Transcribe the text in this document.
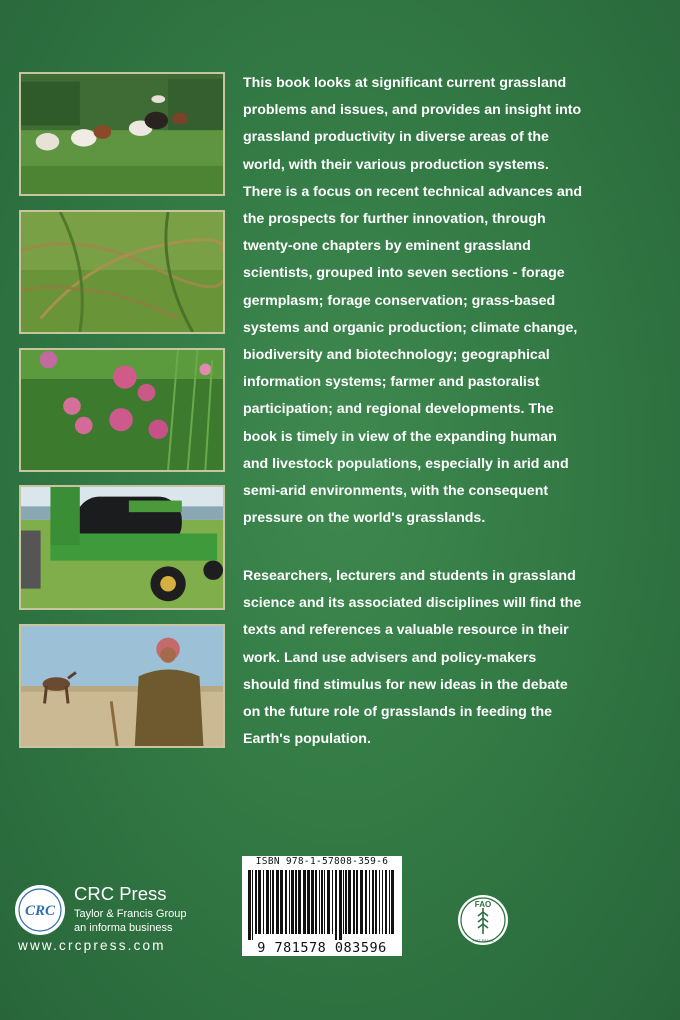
This book looks at significant current grassland
problems and issues, and provides an insight into
grassland productivity in diverse areas of the
world, with their various production systems.
There is a focus on recent technical advances and
the prospects for further innovation, through
twenty-one chapters by eminent grassland
scientists, grouped into seven sections - forage
germplasm; forage conservation; grass-based
systems and organic production; climate change,
biodiversity and biotechnology; geographical
information systems; farmer and pastoralist
participation; and regional developments. The
book is timely in view of the expanding human
and livestock populations, especially in arid and
semi-arid environments, with the consequent
pressure on the world's grasslands.
Researchers, lecturers and students in grassland
science and its associated disciplines will find the
texts and references a valuable resource in their
work. Land use advisers and policy-makers
should find stimulus for new ideas in the debate
on the future role of grasslands in feeding the
Earth's population.
ISBN 978-1-57808-359-6
9 781578 083596
CRC
CRC Press
Taylor & Francis Group
an informa business
www.crcpress.com
FAO
FIAT PANIS
